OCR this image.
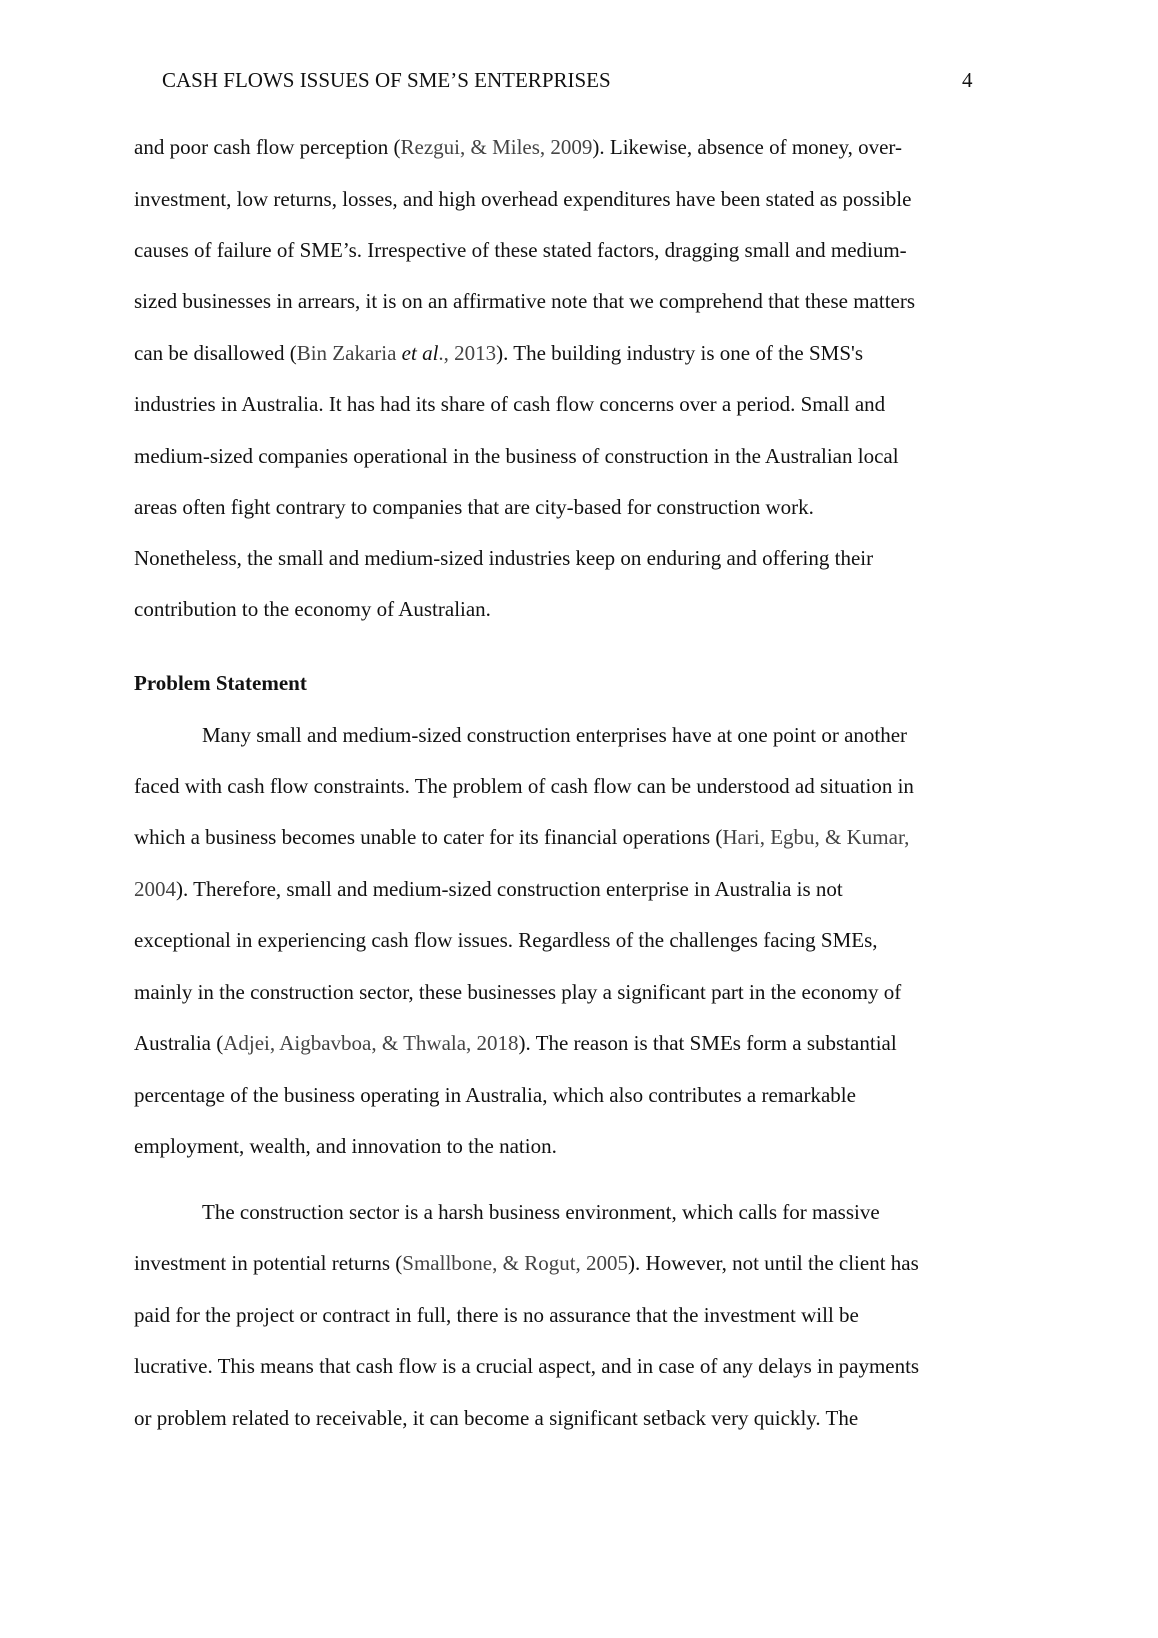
CASH FLOWS ISSUES OF SME’S ENTERPRISES	4
Problem Statement
and poor cash flow perception (Rezgui, & Miles, 2009). Likewise, absence of money, over-
investment, low returns, losses, and high overhead expenditures have been stated as possible
causes of failure of SME’s. Irrespective of these stated factors, dragging small and medium-
sized businesses in arrears, it is on an affirmative note that we comprehend that these matters
can be disallowed (Bin Zakaria et al., 2013). The building industry is one of the SMS's
industries in Australia. It has had its share of cash flow concerns over a period. Small and
medium-sized companies operational in the business of construction in the Australian local
areas often fight contrary to companies that are city-based for construction work.
Nonetheless, the small and medium-sized industries keep on enduring and offering their
contribution to the economy of Australian.
Many small and medium-sized construction enterprises have at one point or another
faced with cash flow constraints. The problem of cash flow can be understood ad situation in
which a business becomes unable to cater for its financial operations (Hari, Egbu, & Kumar,
2004). Therefore, small and medium-sized construction enterprise in Australia is not
exceptional in experiencing cash flow issues. Regardless of the challenges facing SMEs,
mainly in the construction sector, these businesses play a significant part in the economy of
Australia (Adjei, Aigbavboa, & Thwala, 2018). The reason is that SMEs form a substantial
percentage of the business operating in Australia, which also contributes a remarkable
employment, wealth, and innovation to the nation.
The construction sector is a harsh business environment, which calls for massive
investment in potential returns (Smallbone, & Rogut, 2005). However, not until the client has
paid for the project or contract in full, there is no assurance that the investment will be
lucrative. This means that cash flow is a crucial aspect, and in case of any delays in payments
or problem related to receivable, it can become a significant setback very quickly. The
